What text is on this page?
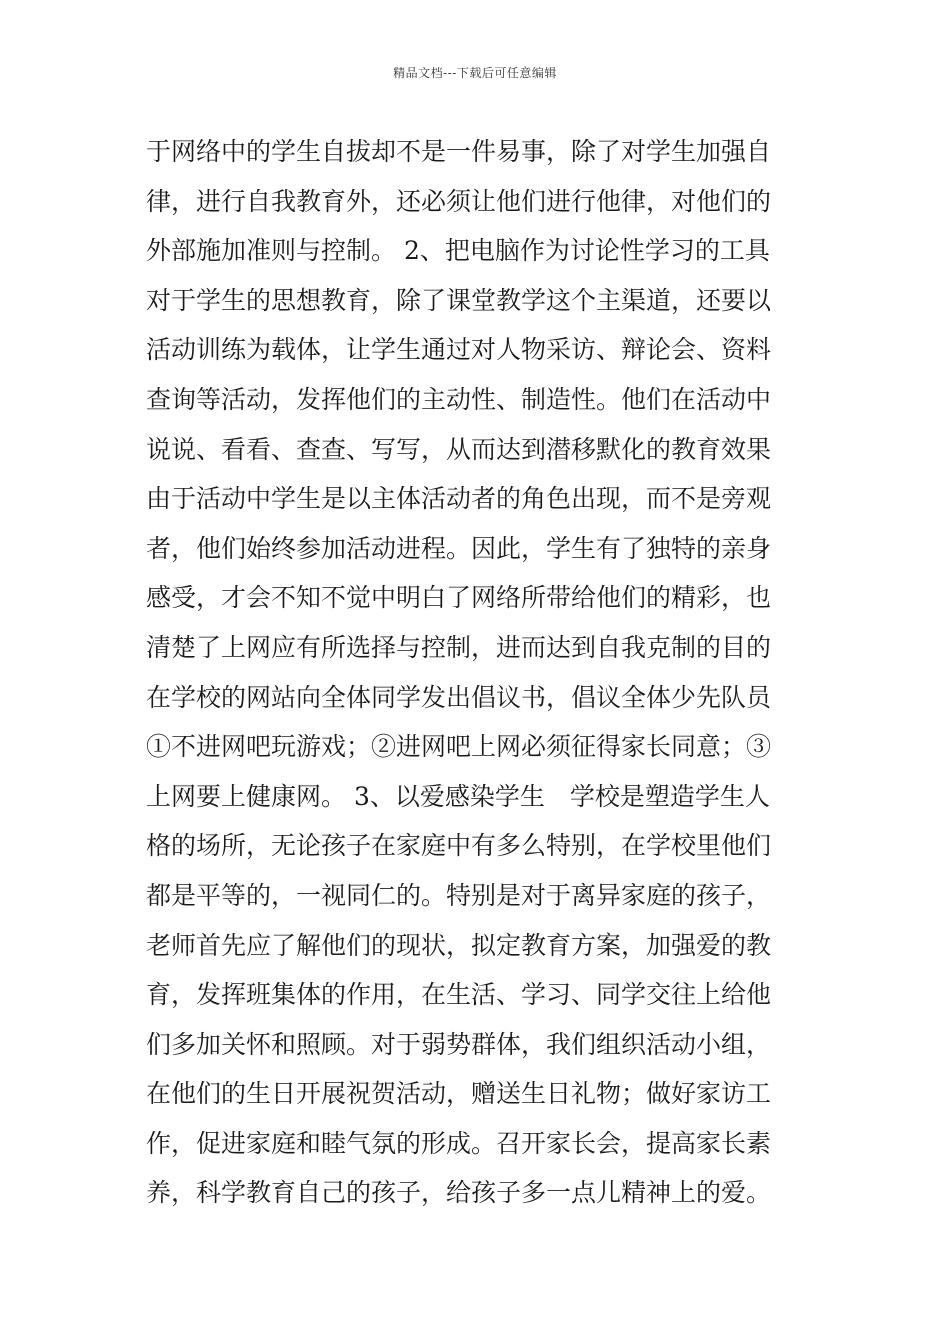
精品文档---下载后可任意编辑
于网络中的学生自拔却不是一件易事，除了对学生加强自
律，进行自我教育外，还必须让他们进行他律，对他们的
外部施加准则与控制。 2、把电脑作为讨论性学习的工具
对于学生的思想教育，除了课堂教学这个主渠道，还要以
活动训练为载体，让学生通过对人物采访、辩论会、资料
查询等活动，发挥他们的主动性、制造性。他们在活动中
说说、看看、查查、写写，从而达到潜移默化的教育效果
由于活动中学生是以主体活动者的角色出现，而不是旁观
者，他们始终参加活动进程。因此，学生有了独特的亲身
感受，才会不知不觉中明白了网络所带给他们的精彩，也
清楚了上网应有所选择与控制，进而达到自我克制的目的
在学校的网站向全体同学发出倡议书，倡议全体少先队员
①不进网吧玩游戏；②进网吧上网必须征得家长同意；③
上网要上健康网。 3、以爱感染学生　学校是塑造学生人
格的场所，无论孩子在家庭中有多么特别，在学校里他们
都是平等的，一视同仁的。特别是对于离异家庭的孩子，
老师首先应了解他们的现状，拟定教育方案，加强爱的教
育，发挥班集体的作用，在生活、学习、同学交往上给他
们多加关怀和照顾。对于弱势群体，我们组织活动小组，
在他们的生日开展祝贺活动，赠送生日礼物；做好家访工
作，促进家庭和睦气氛的形成。召开家长会，提高家长素
养，科学教育自己的孩子，给孩子多一点儿精神上的爱。
